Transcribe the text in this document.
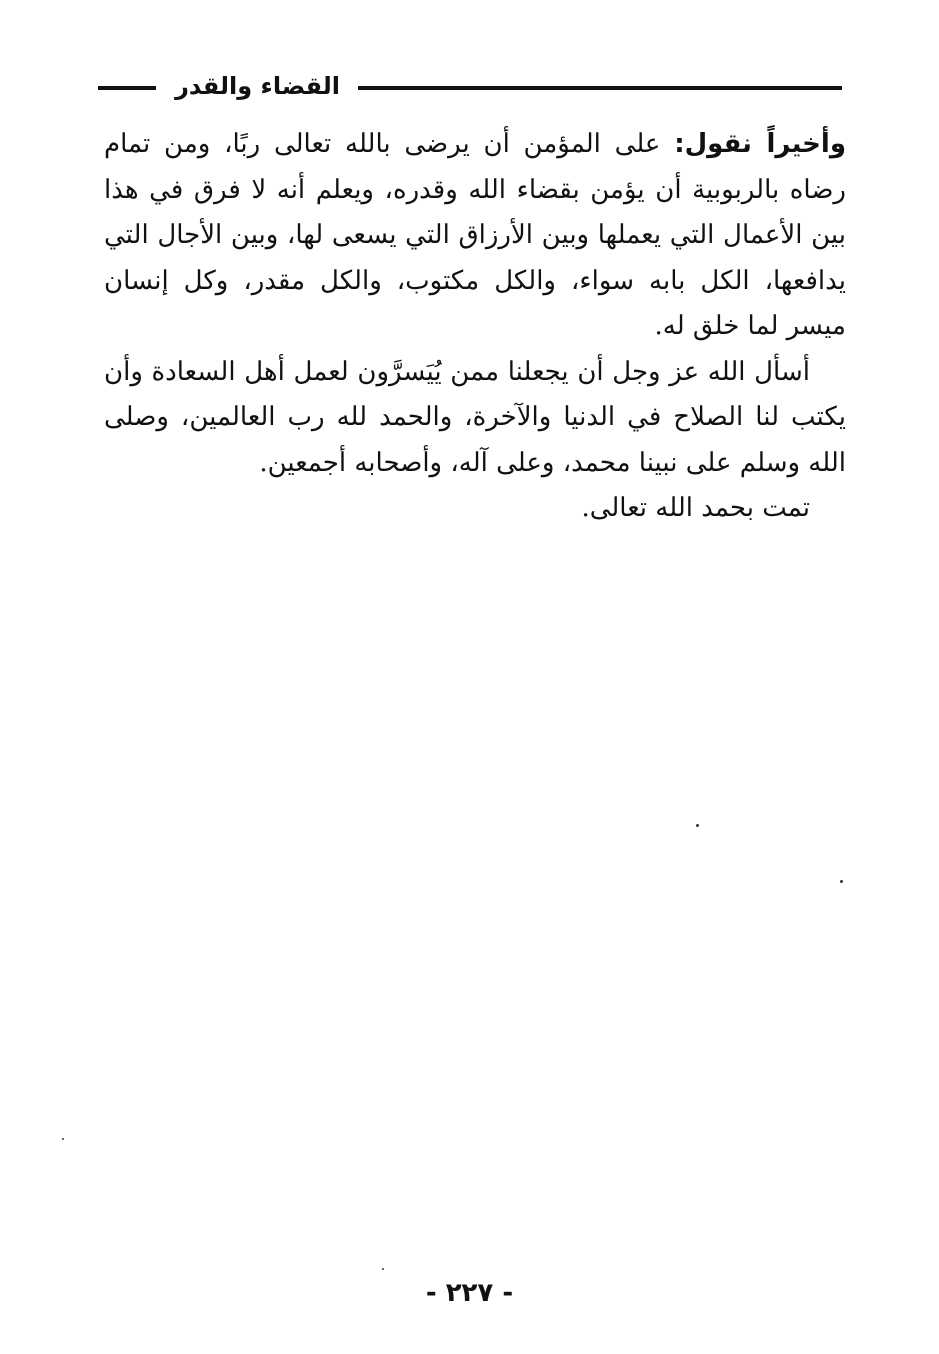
القضاء والقدر

وأخيراً نقول: على المؤمن أن يرضى بالله تعالى ربًا، ومن تمام رضاه بالربوبية أن يؤمن بقضاء الله وقدره، ويعلم أنه لا فرق في هذا بين الأعمال التي يعملها وبين الأرزاق التي يسعى لها، وبين الأجال التي يدافعها، الكل بابه سواء، والكل مكتوب، والكل مقدر، وكل إنسان ميسر لما خلق له.

أسأل الله عز وجل أن يجعلنا ممن يُيَسرَّون لعمل أهل السعادة وأن يكتب لنا الصلاح في الدنيا والآخرة، والحمد لله رب العالمين، وصلى الله وسلم على نبينا محمد، وعلى آله، وأصحابه أجمعين.

تمت بحمد الله تعالى.

- ٢٢٧ -
